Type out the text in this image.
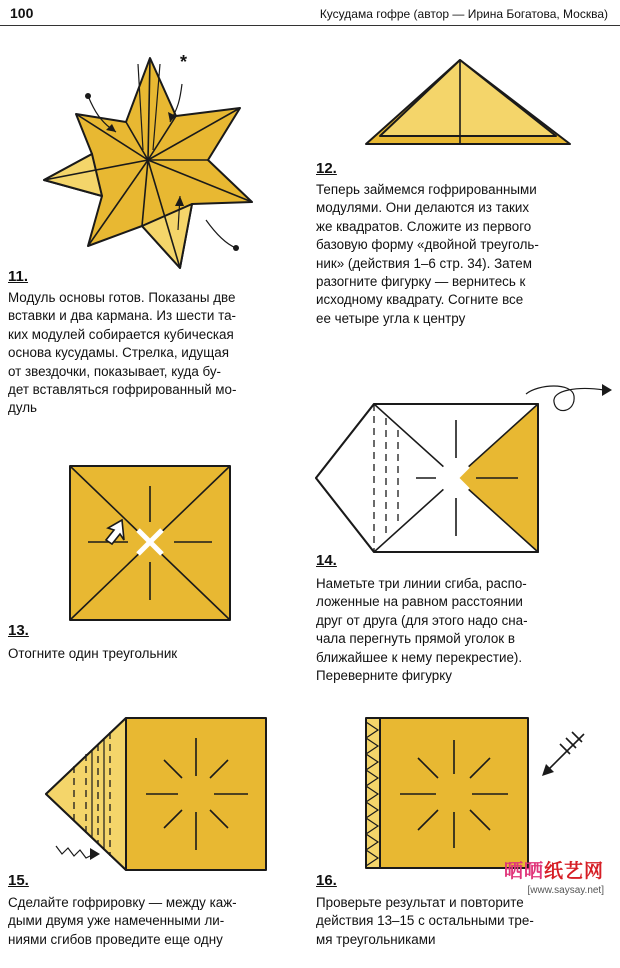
100	Кусудама гофре (автор — Ирина Богатова, Москва)
*
11.
Модуль основы готов. Показаны две
вставки и два кармана. Из шести та-
ких модулей собирается кубическая
основа кусудамы. Стрелка, идущая
от звездочки, показывает, куда бу-
дет вставляться гофрированный мо-
дуль
12.
Теперь займемся гофрированными
модулями. Они делаются из таких
же квадратов. Сложите из первого
базовую форму «двойной треуголь-
ник» (действия 1–6 стр. 34). Затем
разогните фигурку — вернитесь к
исходному квадрату. Согните все
ее четыре угла к центру
13.
Отогните один треугольник
14.
Наметьте три линии сгиба, распо-
ложенные на равном расстоянии
друг от друга (для этого надо сна-
чала перегнуть прямой уголок в
ближайшее к нему перекрестие).
Переверните фигурку
15.
Сделайте гофрировку — между каж-
дыми двумя уже намеченными ли-
ниями сгибов проведите еще одну
16.
Проверьте результат и повторите
действия 13–15 с остальными тре-
мя треугольниками
晒晒纸艺网
[www.saysay.net]
